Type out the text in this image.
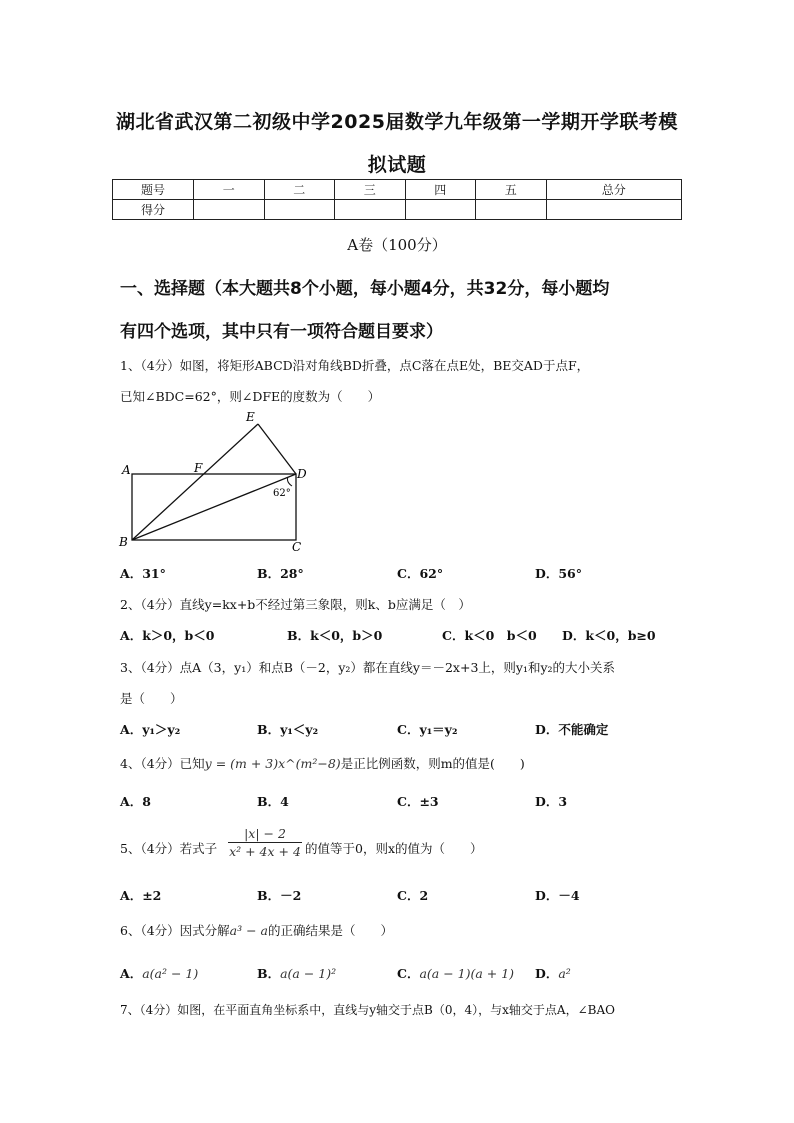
湖北省武汉第二初级中学2025届数学九年级第一学期开学联考模
拟试题
题号	一	二	三	四	五	总分
得分						
A卷（100分）
一、选择题（本大题共8个小题，每小题4分，共32分，每小题均
有四个选项，其中只有一项符合题目要求）
1、（4分）如图，将矩形ABCD沿对角线BD折叠，点C落在点E处，BE交AD于点F，
已知∠BDC=62°，则∠DFE的度数为（　　）
E
A	F	D
62°
B	C
A．31°	B．28°	C．62°	D．56°
2、（4分）直线y=kx+b不经过第三象限，则k、b应满足（　）
A．k＞0，b＜0	B．k＜0，b＞0	C．k＜0　b＜0 D．k＜0，b≥0
3、（4分）点A（3，y₁）和点B（－2，y₂）都在直线y＝－2x+3上，则y₁和y₂的大小关系
是（　　）
A．y₁＞y₂	B．y₁＜y₂	C．y₁＝y₂	D．不能确定
4、（4分）已知y = (m + 3)x^(m²−8)是正比例函数，则m的值是(　　)
A．8	B．4	C．±3	D．3
5、（4分）若式子 $\frac{|x| - 2}{\text{x² + 4x + 4}}$ 的值等于0，则x的值为（　　）
A．±2	B．－2	C．2	D．－4
6、（4分）因式分解a³ − a的正确结果是（　　）
A．a(a² − 1)	B．a(a − 1)²	C．a(a − 1)(a + 1) D．a²
7、（4分）如图，在平面直角坐标系中，直线与y轴交于点B（0，4），与x轴交于点A，∠BAO
